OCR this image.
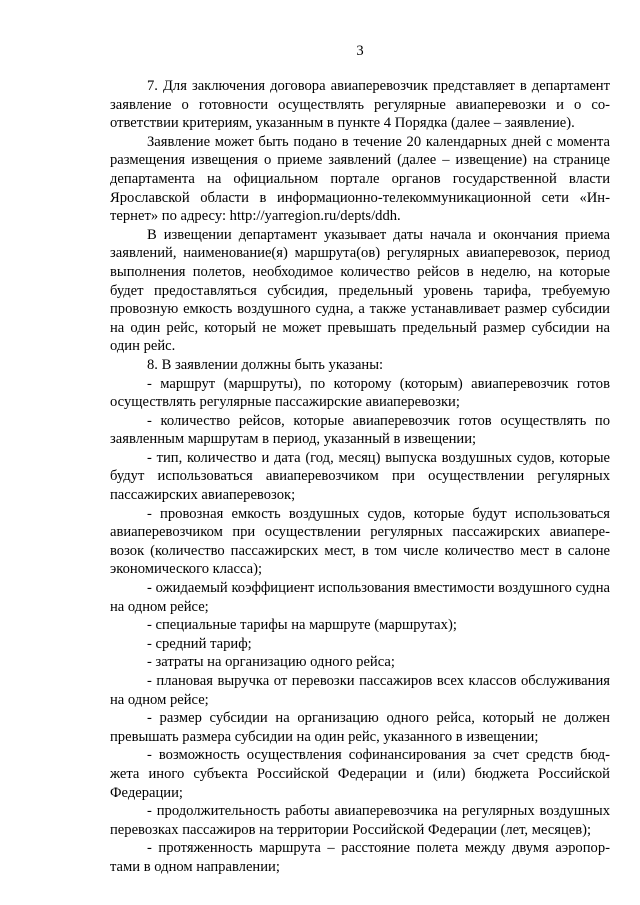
3

7. Для заключения договора авиаперевозчик представляет в департамент заявление о готовности осуществлять регулярные авиаперевозки и о соответствии критериям, указанным в пункте 4 Порядка (далее – заявление).

Заявление может быть подано в течение 20 календарных дней с момента размещения извещения о приеме заявлений (далее – извещение) на странице департамента на официальном портале органов государственной власти Ярославской области в информационно-телекоммуникационной сети «Интернет» по адресу: http://yarregion.ru/depts/ddh.

В извещении департамент указывает даты начала и окончания приема заявлений, наименование(я) маршрута(ов) регулярных авиаперевозок, период выполнения полетов, необходимое количество рейсов в неделю, на которые будет предоставляться субсидия, предельный уровень тарифа, требуемую провозную емкость воздушного судна, а также устанавливает размер субсидии на один рейс, который не может превышать предельный размер субсидии на один рейс.

8. В заявлении должны быть указаны:

- маршрут (маршруты), по которому (которым) авиаперевозчик готов осуществлять регулярные пассажирские авиаперевозки;

- количество рейсов, которые авиаперевозчик готов осуществлять по заявленным маршрутам в период, указанный в извещении;

- тип, количество и дата (год, месяц) выпуска воздушных судов, которые будут использоваться авиаперевозчиком при осуществлении регулярных пассажирских авиаперевозок;

- провозная емкость воздушных судов, которые будут использоваться авиаперевозчиком при осуществлении регулярных пассажирских авиаперевозок (количество пассажирских мест, в том числе количество мест в салоне экономического класса);

- ожидаемый коэффициент использования вместимости воздушного судна на одном рейсе;

- специальные тарифы на маршруте (маршрутах);

- средний тариф;

- затраты на организацию одного рейса;

- плановая выручка от перевозки пассажиров всех классов обслуживания на одном рейсе;

- размер субсидии на организацию одного рейса, который не должен превышать размера субсидии на один рейс, указанного в извещении;

- возможность осуществления софинансирования за счет средств бюджета иного субъекта Российской Федерации и (или) бюджета Российской Федерации;

- продолжительность работы авиаперевозчика на регулярных воздушных перевозках пассажиров на территории Российской Федерации (лет, месяцев);

- протяженность маршрута – расстояние полета между двумя аэропортами в одном направлении;
